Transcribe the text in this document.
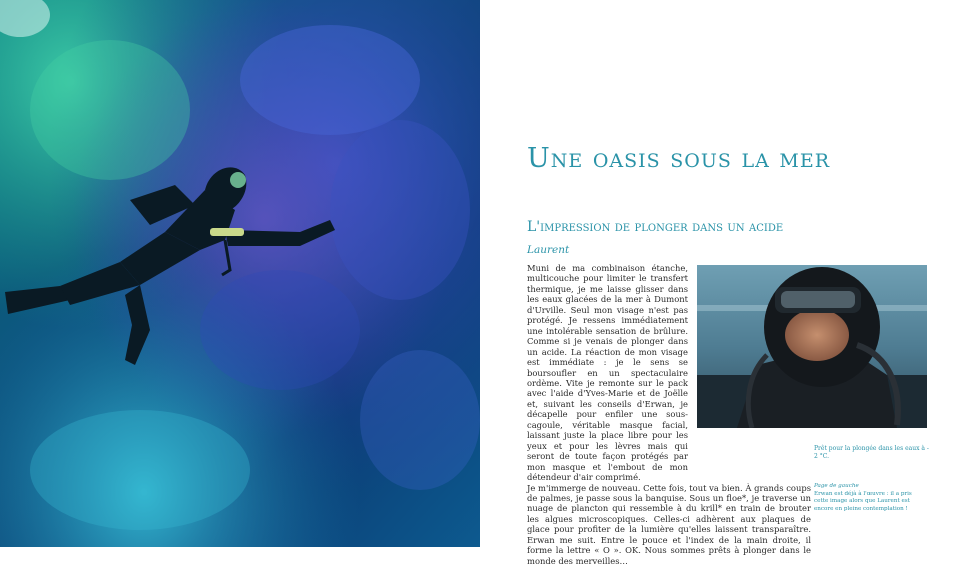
Une oasis sous la mer
L'impression de plonger dans un acide

Laurent

Muni de ma combinaison étanche, multicouche pour limiter le transfert thermique, je me laisse glisser dans les eaux glacées de la mer à Dumont d'Urville. Seul mon visage n'est pas protégé. Je ressens immédiatement une intolérable sensation de brûlure. Comme si je venais de plonger dans un acide. La réaction de mon visage est immédiate : je le sens se boursoufler en un spectaculaire ordème. Vite je remonte sur le pack avec l'aide d'Yves-Marie et de Joëlle et, suivant les conseils d'Erwan, je décapelle pour enfiler une sous-cagoule, véritable masque facial, laissant juste la place libre pour les yeux et pour les lèvres mais qui seront de toute façon protégés par mon masque et l'embout de mon détendeur d'air comprimé.

Je m'immerge de nouveau. Cette fois, tout va bien. À grands coups de palmes, je passe sous la banquise. Sous un floe*, je traverse un nuage de plancton qui ressemble à du krill* en train de brouter les algues microscopiques. Celles-ci adhèrent aux plaques de glace pour profiter de la lumière qu'elles laissent transparaître. Erwan me suit. Entre le pouce et l'index de la main droite, il forme la lettre « O ». OK. Nous sommes prêts à plonger dans le monde des merveilles…

Prêt pour la plongée dans les eaux à - 2 °C.

Page de gauche

Erwan est déjà à l'œuvre : il a pris cette image alors que Laurent est encore en pleine contemplation !
